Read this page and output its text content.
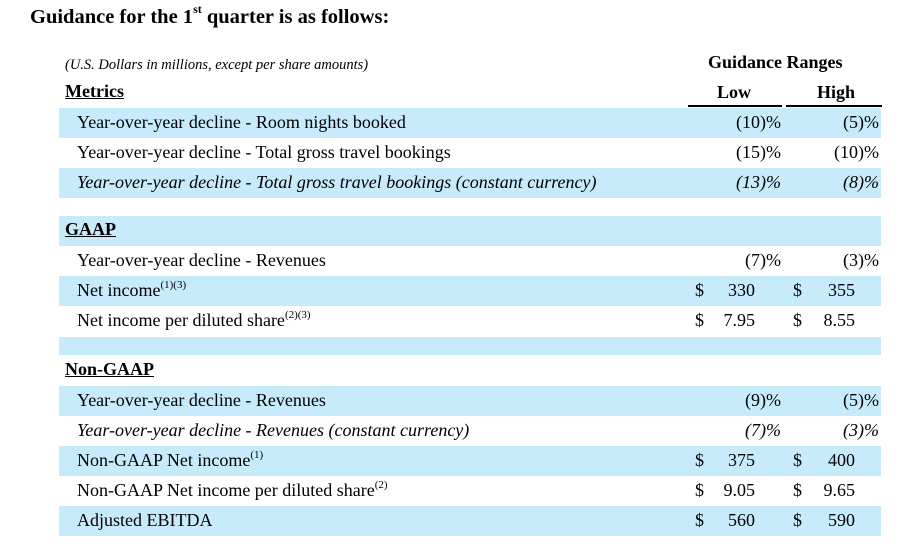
Guidance for the 1st quarter is as follows:
(U.S. Dollars in millions, except per share amounts)	Guidance Ranges
Low	High
Metrics
Year-over-year decline - Room nights booked	(10)%	(5)%
Year-over-year decline - Total gross travel bookings	(15)%	(10)%
Year-over-year decline - Total gross travel bookings (constant currency)	(13)%	(8)%
GAAP
Year-over-year decline - Revenues	(7)%	(3)%
Net income$^{(1)(3)}$	$ 330 $ 355
Net income per diluted share$^{(2)(3)}$	$ 7.95 $ 8.55
Non-GAAP
Year-over-year decline - Revenues	(9)%	(5)%
Year-over-year decline - Revenues (constant currency)	(7)%	(3)%
Non-GAAP Net income$^{(1)}$	$ 375 $ 400
Non-GAAP Net income per diluted share$^{(2)}$	$ 9.05 $ 9.65
Adjusted EBITDA	$ 560 $ 590
